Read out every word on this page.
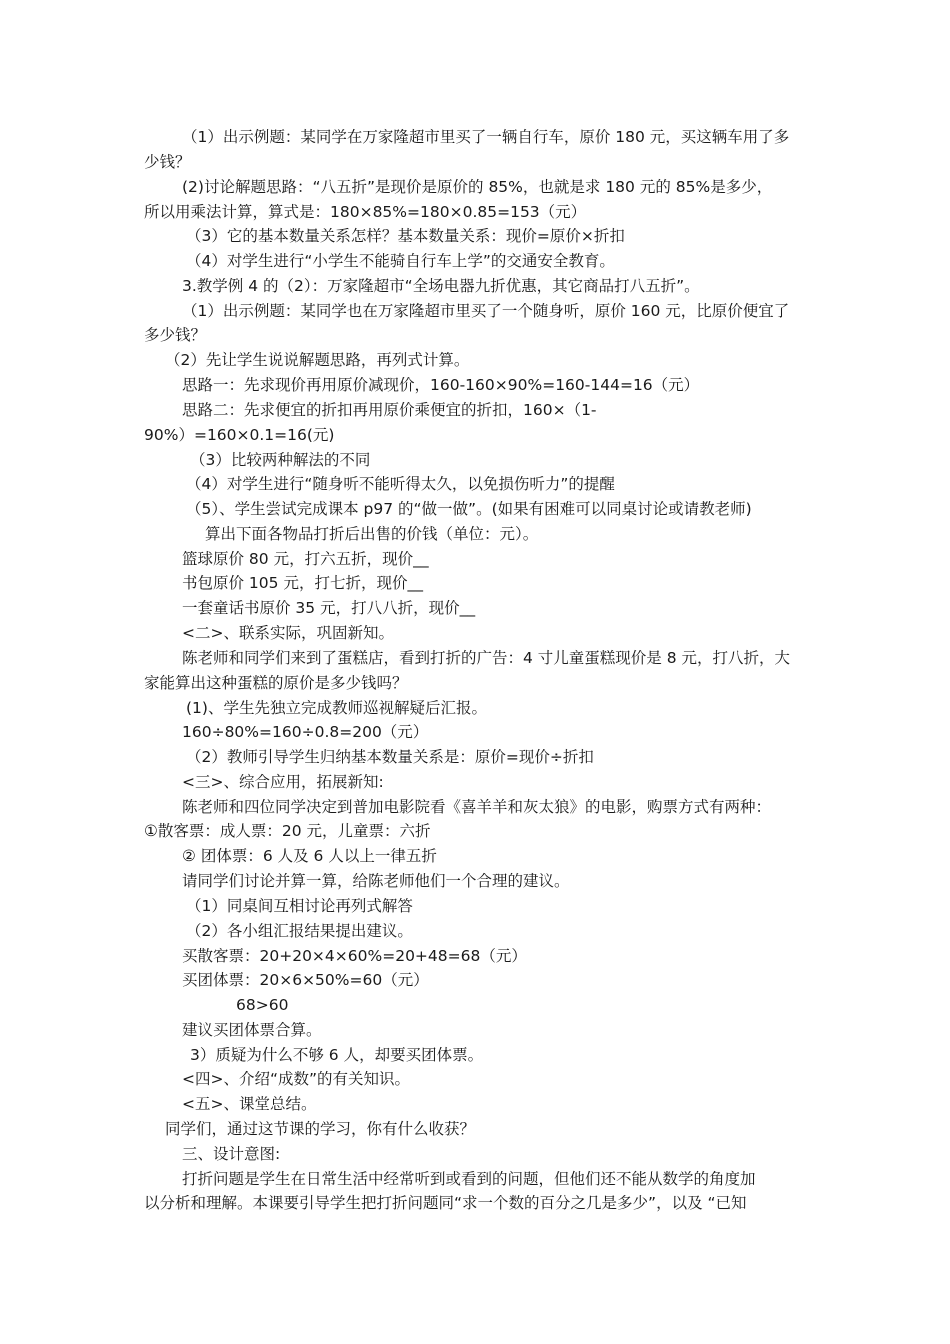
（1）出示例题：某同学在万家隆超市里买了一辆自行车，原价 180 元，买这辆车用了多
少钱？
(2)讨论解题思路：“八五折”是现价是原价的 85%，也就是求 180 元的 85%是多少，
所以用乘法计算，算式是：180×85%=180×0.85=153（元）
（3）它的基本数量关系怎样？基本数量关系：现价=原价×折扣
（4）对学生进行“小学生不能骑自行车上学”的交通安全教育。
3.教学例 4 的（2）：万家隆超市“全场电器九折优惠，其它商品打八五折”。
（1）出示例题：某同学也在万家隆超市里买了一个随身听，原价 160 元，比原价便宜了
多少钱？
（2）先让学生说说解题思路，再列式计算。
思路一：先求现价再用原价减现价，160-160×90%=160-144=16（元）
思路二：先求便宜的折扣再用原价乘便宜的折扣，160×（1-
90%）=160×0.1=16(元)
（3）比较两种解法的不同
（4）对学生进行“随身听不能听得太久，以免损伤听力”的提醒
（5）、学生尝试完成课本 p97 的“做一做”。(如果有困难可以同桌讨论或请教老师)
算出下面各物品打折后出售的价钱（单位：元）。
篮球原价 80 元，打六五折，现价__
书包原价 105 元，打七折，现价__
一套童话书原价 35 元，打八八折，现价__
<二>、联系实际，巩固新知。
陈老师和同学们来到了蛋糕店，看到打折的广告：4 寸儿童蛋糕现价是 8 元，打八折，大
家能算出这种蛋糕的原价是多少钱吗？
(1)、学生先独立完成教师巡视解疑后汇报。
160÷80%=160÷0.8=200（元）
（2）教师引导学生归纳基本数量关系是：原价=现价÷折扣
<三>、综合应用，拓展新知:
陈老师和四位同学决定到普加电影院看《喜羊羊和灰太狼》的电影，购票方式有两种：
①散客票：成人票：20 元，儿童票：六折
② 团体票：6 人及 6 人以上一律五折
请同学们讨论并算一算，给陈老师他们一个合理的建议。
（1）同桌间互相讨论再列式解答
（2）各小组汇报结果提出建议。
买散客票：20+20×4×60%=20+48=68（元）
买团体票：20×6×50%=60（元）
68>60
建议买团体票合算。
3）质疑为什么不够 6 人，却要买团体票。
<四>、介绍“成数”的有关知识。
<五>、课堂总结。
同学们，通过这节课的学习，你有什么收获？
三、设计意图:
打折问题是学生在日常生活中经常听到或看到的问题，但他们还不能从数学的角度加
以分析和理解。本课要引导学生把打折问题同“求一个数的百分之几是多少”，以及 “已知
